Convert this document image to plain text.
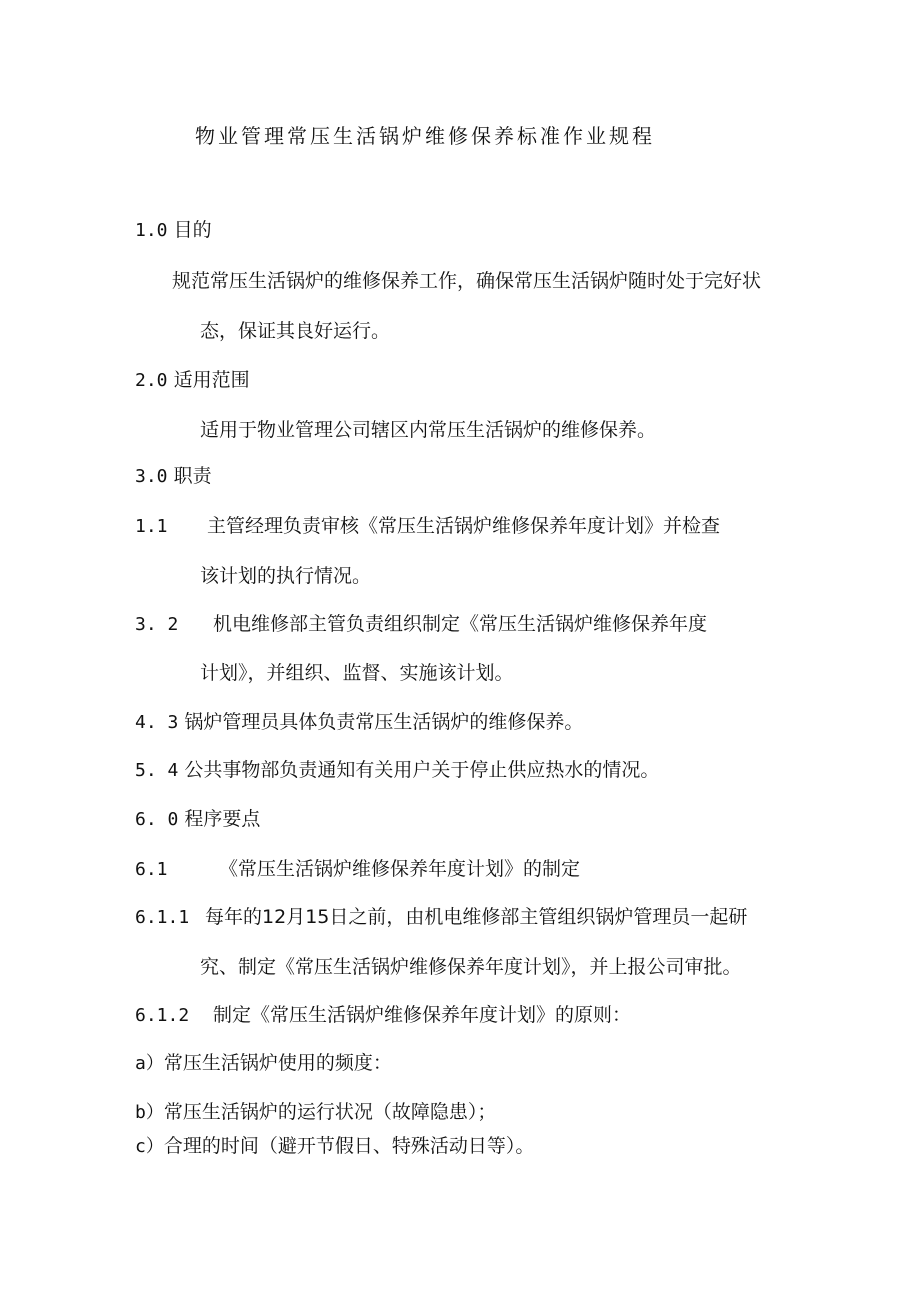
物业管理常压生活锅炉维修保养标准作业规程
1.0 目的
规范常压生活锅炉的维修保养工作，确保常压生活锅炉随时处于完好状
态，保证其良好运行。
2.0 适用范围
适用于物业管理公司辖区内常压生活锅炉的维修保养。
3.0 职责
1.1 主管经理负责审核《常压生活锅炉维修保养年度计划》并检查
该计划的执行情况。
3. 2 机电维修部主管负责组织制定《常压生活锅炉维修保养年度
计划》，并组织、监督、实施该计划。
4. 3 锅炉管理员具体负责常压生活锅炉的维修保养。
5. 4 公共事物部负责通知有关用户关于停止供应热水的情况。
6. 0 程序要点
6.1	《常压生活锅炉维修保养年度计划》的制定
6.1.1 每年的12月15日之前，由机电维修部主管组织锅炉管理员一起研
究、制定《常压生活锅炉维修保养年度计划》，并上报公司审批。
6.1.2 制定《常压生活锅炉维修保养年度计划》的原则：
a）常压生活锅炉使用的频度：
b）常压生活锅炉的运行状况（故障隐患）；
c）合理的时间（避开节假日、特殊活动日等）。
